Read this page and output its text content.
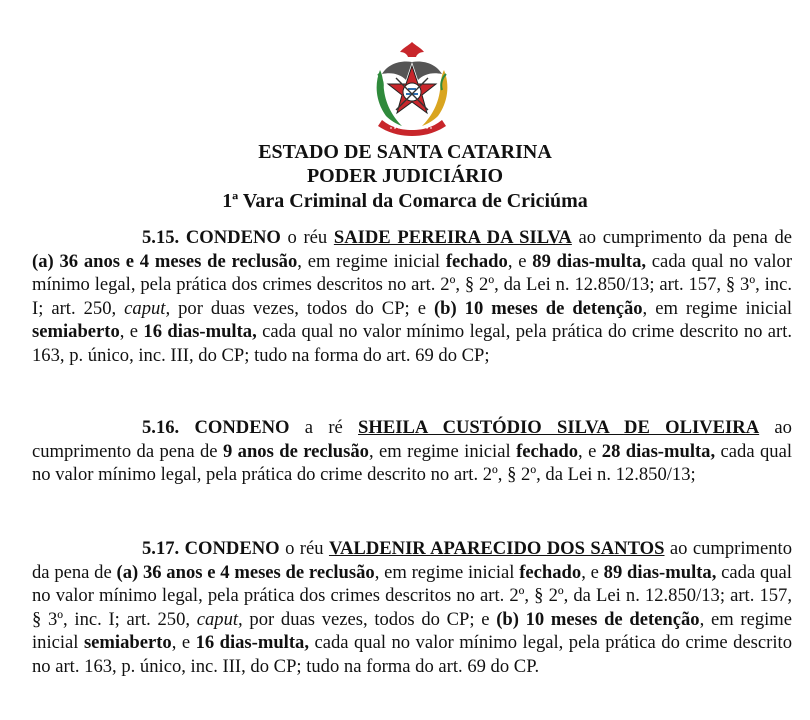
ESTADO DE SANTA CATARINA
PODER JUDICIÁRIO
1ª Vara Criminal da Comarca de Criciúma
5.15. CONDENO o réu SAIDE PEREIRA DA SILVA ao cumprimento da pena de (a) 36 anos e 4 meses de reclusão, em regime inicial fechado, e 89 dias-multa, cada qual no valor mínimo legal, pela prática dos crimes descritos no art. 2º, § 2º, da Lei n. 12.850/13; art. 157, § 3º, inc. I; art. 250, caput, por duas vezes, todos do CP; e (b) 10 meses de detenção, em regime inicial semiaberto, e 16 dias-multa, cada qual no valor mínimo legal, pela prática do crime descrito no art. 163, p. único, inc. III, do CP; tudo na forma do art. 69 do CP;
5.16. CONDENO a ré SHEILA CUSTÓDIO SILVA DE OLIVEIRA ao cumprimento da pena de 9 anos de reclusão, em regime inicial fechado, e 28 dias-multa, cada qual no valor mínimo legal, pela prática do crime descrito no art. 2º, § 2º, da Lei n. 12.850/13;
5.17. CONDENO o réu VALDENIR APARECIDO DOS SANTOS ao cumprimento da pena de (a) 36 anos e 4 meses de reclusão, em regime inicial fechado, e 89 dias-multa, cada qual no valor mínimo legal, pela prática dos crimes descritos no art. 2º, § 2º, da Lei n. 12.850/13; art. 157, § 3º, inc. I; art. 250, caput, por duas vezes, todos do CP; e (b) 10 meses de detenção, em regime inicial semiaberto, e 16 dias-multa, cada qual no valor mínimo legal, pela prática do crime descrito no art. 163, p. único, inc. III, do CP; tudo na forma do art. 69 do CP.
